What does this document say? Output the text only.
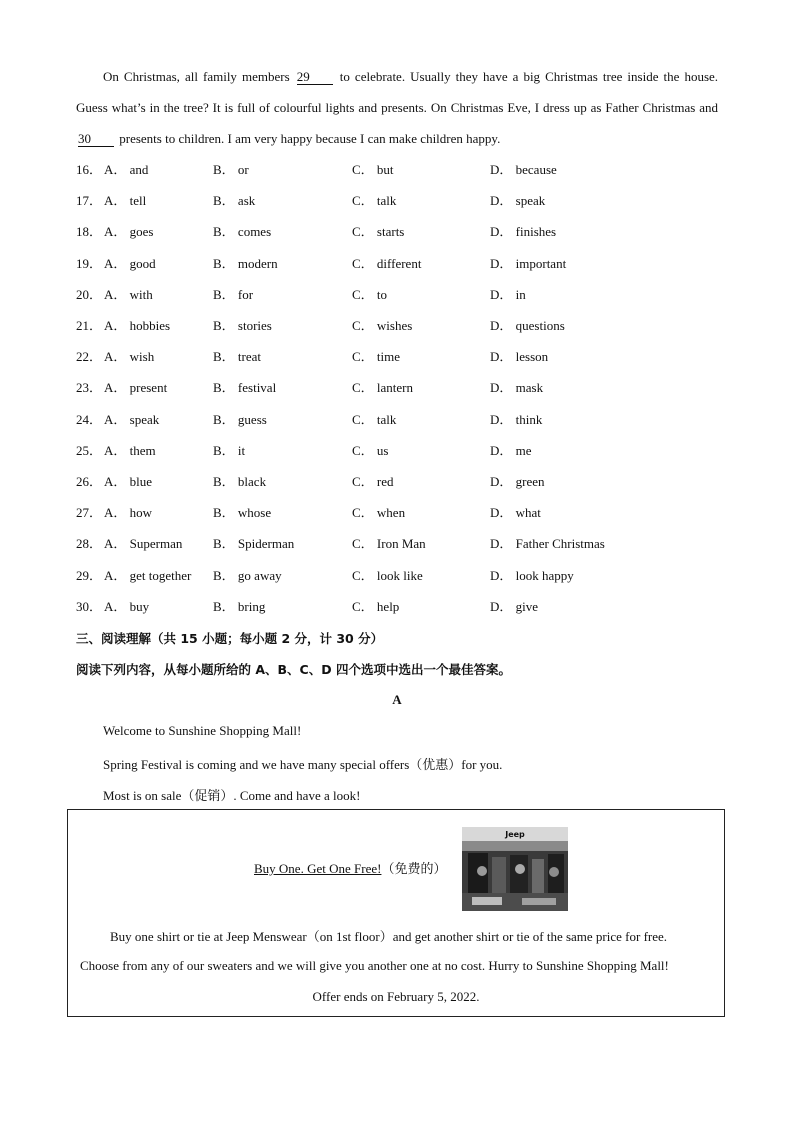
On Christmas, all family members 29 to celebrate. Usually they have a big Christmas tree inside the house. Guess what’s in the tree? It is full of colourful lights and presents. On Christmas Eve, I dress up as Father Christmas and 30 presents to children. I am very happy because I can make children happy.
16． A． and	B． or	C． but	D． because
17． A． tell	B． ask	C． talk	D． speak
18． A． goes	B． comes	C． starts	D． finishes
19． A． good	B． modern	C． different	D． important
20． A． with	B． for	C． to	D． in
21． A． hobbies	B． stories	C． wishes	D． questions
22． A． wish	B． treat	C． time	D． lesson
23． A． present	B． festival	C． lantern	D． mask
24． A． speak	B． guess	C． talk	D． think
25． A． them	B． it	C． us	D． me
26． A． blue	B． black	C． red	D． green
27． A． how	B． whose	C． when	D． what
28． A． Superman B． Spiderman	C． Iron Man	D． Father Christmas
29． A． get together B． go away	C． look like	D． look happy
30． A． buy	B． bring	C． help	D． give
三、阅读理解（共 15 小题；每小题 2 分，计 30 分）
阅读下列内容，从每小题所给的 A、B、C、D 四个选项中选出一个最佳答案。
A
Welcome to Sunshine Shopping Mall!
Spring Festival is coming and we have many special offers（优惠）for you.
Most is on sale（促销）. Come and have a look!
Buy One. Get One Free!（免费的）
Jeep
Buy one shirt or tie at Jeep Menswear（on 1st floor）and get another shirt or tie of the same price for free.
Choose from any of our sweaters and we will give you another one at no cost. Hurry to Sunshine Shopping Mall!
Offer ends on February 5, 2022.
